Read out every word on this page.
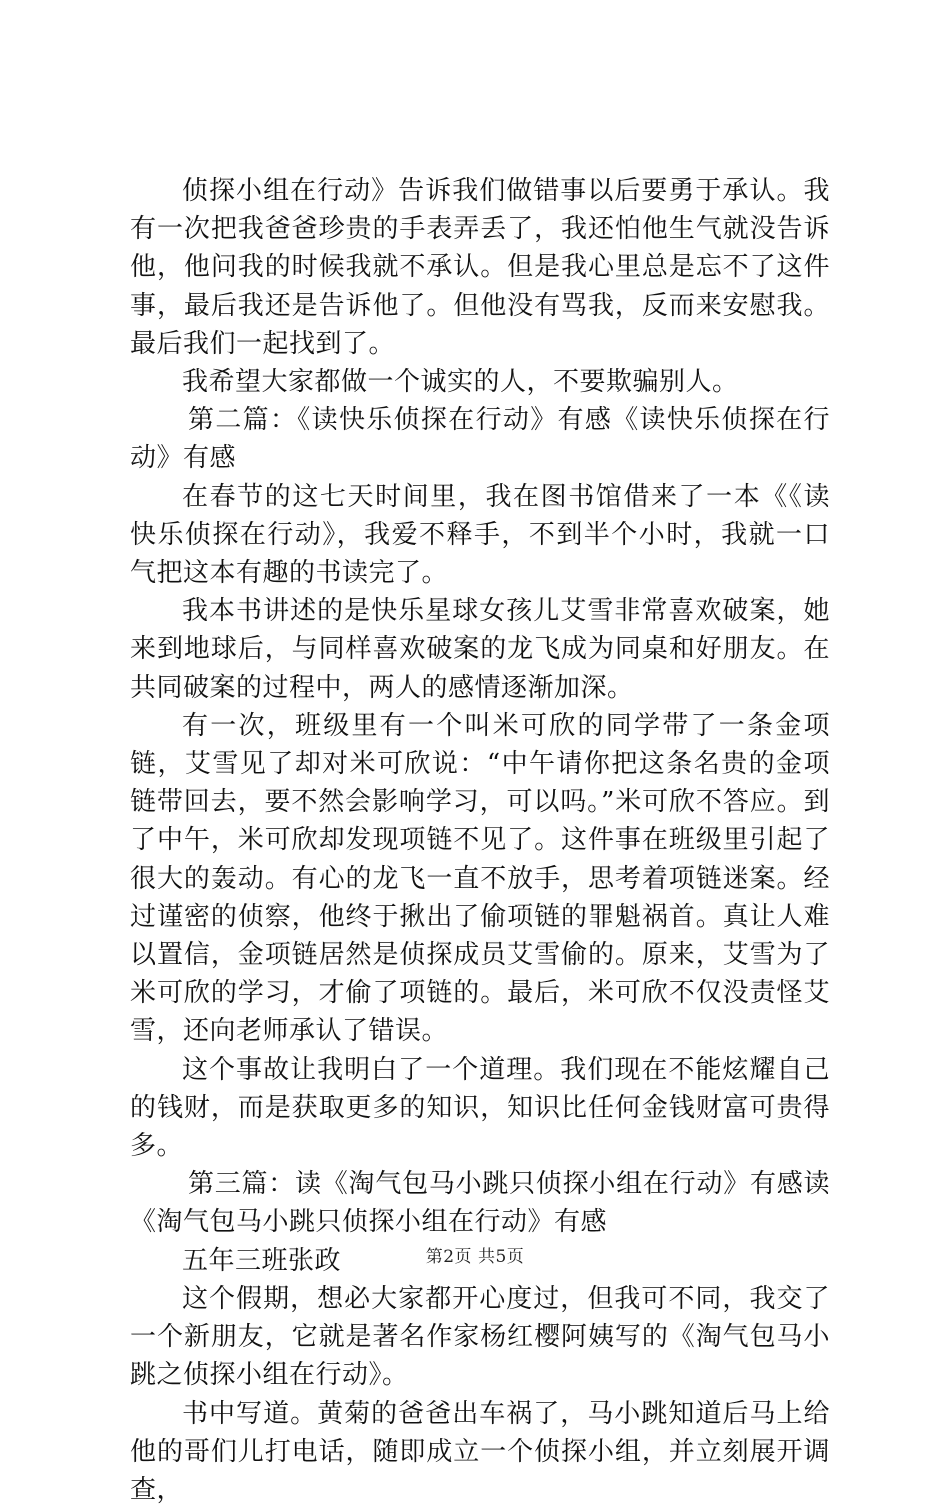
侦探小组在行动》告诉我们做错事以后要勇于承认。我有一次把我爸爸珍贵的手表弄丢了，我还怕他生气就没告诉他，他问我的时候我就不承认。但是我心里总是忘不了这件事，最后我还是告诉他了。但他没有骂我，反而来安慰我。最后我们一起找到了。

我希望大家都做一个诚实的人，不要欺骗别人。

第二篇：《读快乐侦探在行动》有感《读快乐侦探在行动》有感

在春节的这七天时间里，我在图书馆借来了一本《《读快乐侦探在行动》，我爱不释手，不到半个小时，我就一口气把这本有趣的书读完了。

我本书讲述的是快乐星球女孩儿艾雪非常喜欢破案，她来到地球后，与同样喜欢破案的龙飞成为同桌和好朋友。在共同破案的过程中，两人的感情逐渐加深。

有一次，班级里有一个叫米可欣的同学带了一条金项链，艾雪见了却对米可欣说：“中午请你把这条名贵的金项链带回去，要不然会影响学习，可以吗。”米可欣不答应。到了中午，米可欣却发现项链不见了。这件事在班级里引起了很大的轰动。有心的龙飞一直不放手，思考着项链迷案。经过谨密的侦察，他终于揪出了偷项链的罪魁祸首。真让人难以置信，金项链居然是侦探成员艾雪偷的。原来，艾雪为了米可欣的学习，才偷了项链的。最后，米可欣不仅没责怪艾雪，还向老师承认了错误。

这个事故让我明白了一个道理。我们现在不能炫耀自己的钱财，而是获取更多的知识，知识比任何金钱财富可贵得多。

第三篇：读《淘气包马小跳只侦探小组在行动》有感读《淘气包马小跳只侦探小组在行动》有感

五年三班张政

这个假期，想必大家都开心度过，但我可不同，我交了一个新朋友，它就是著名作家杨红樱阿姨写的《淘气包马小跳之侦探小组在行动》。

书中写道。黄菊的爸爸出车祸了，马小跳知道后马上给他的哥们儿打电话，随即成立一个侦探小组，并立刻展开调查，

第2页 共5页
